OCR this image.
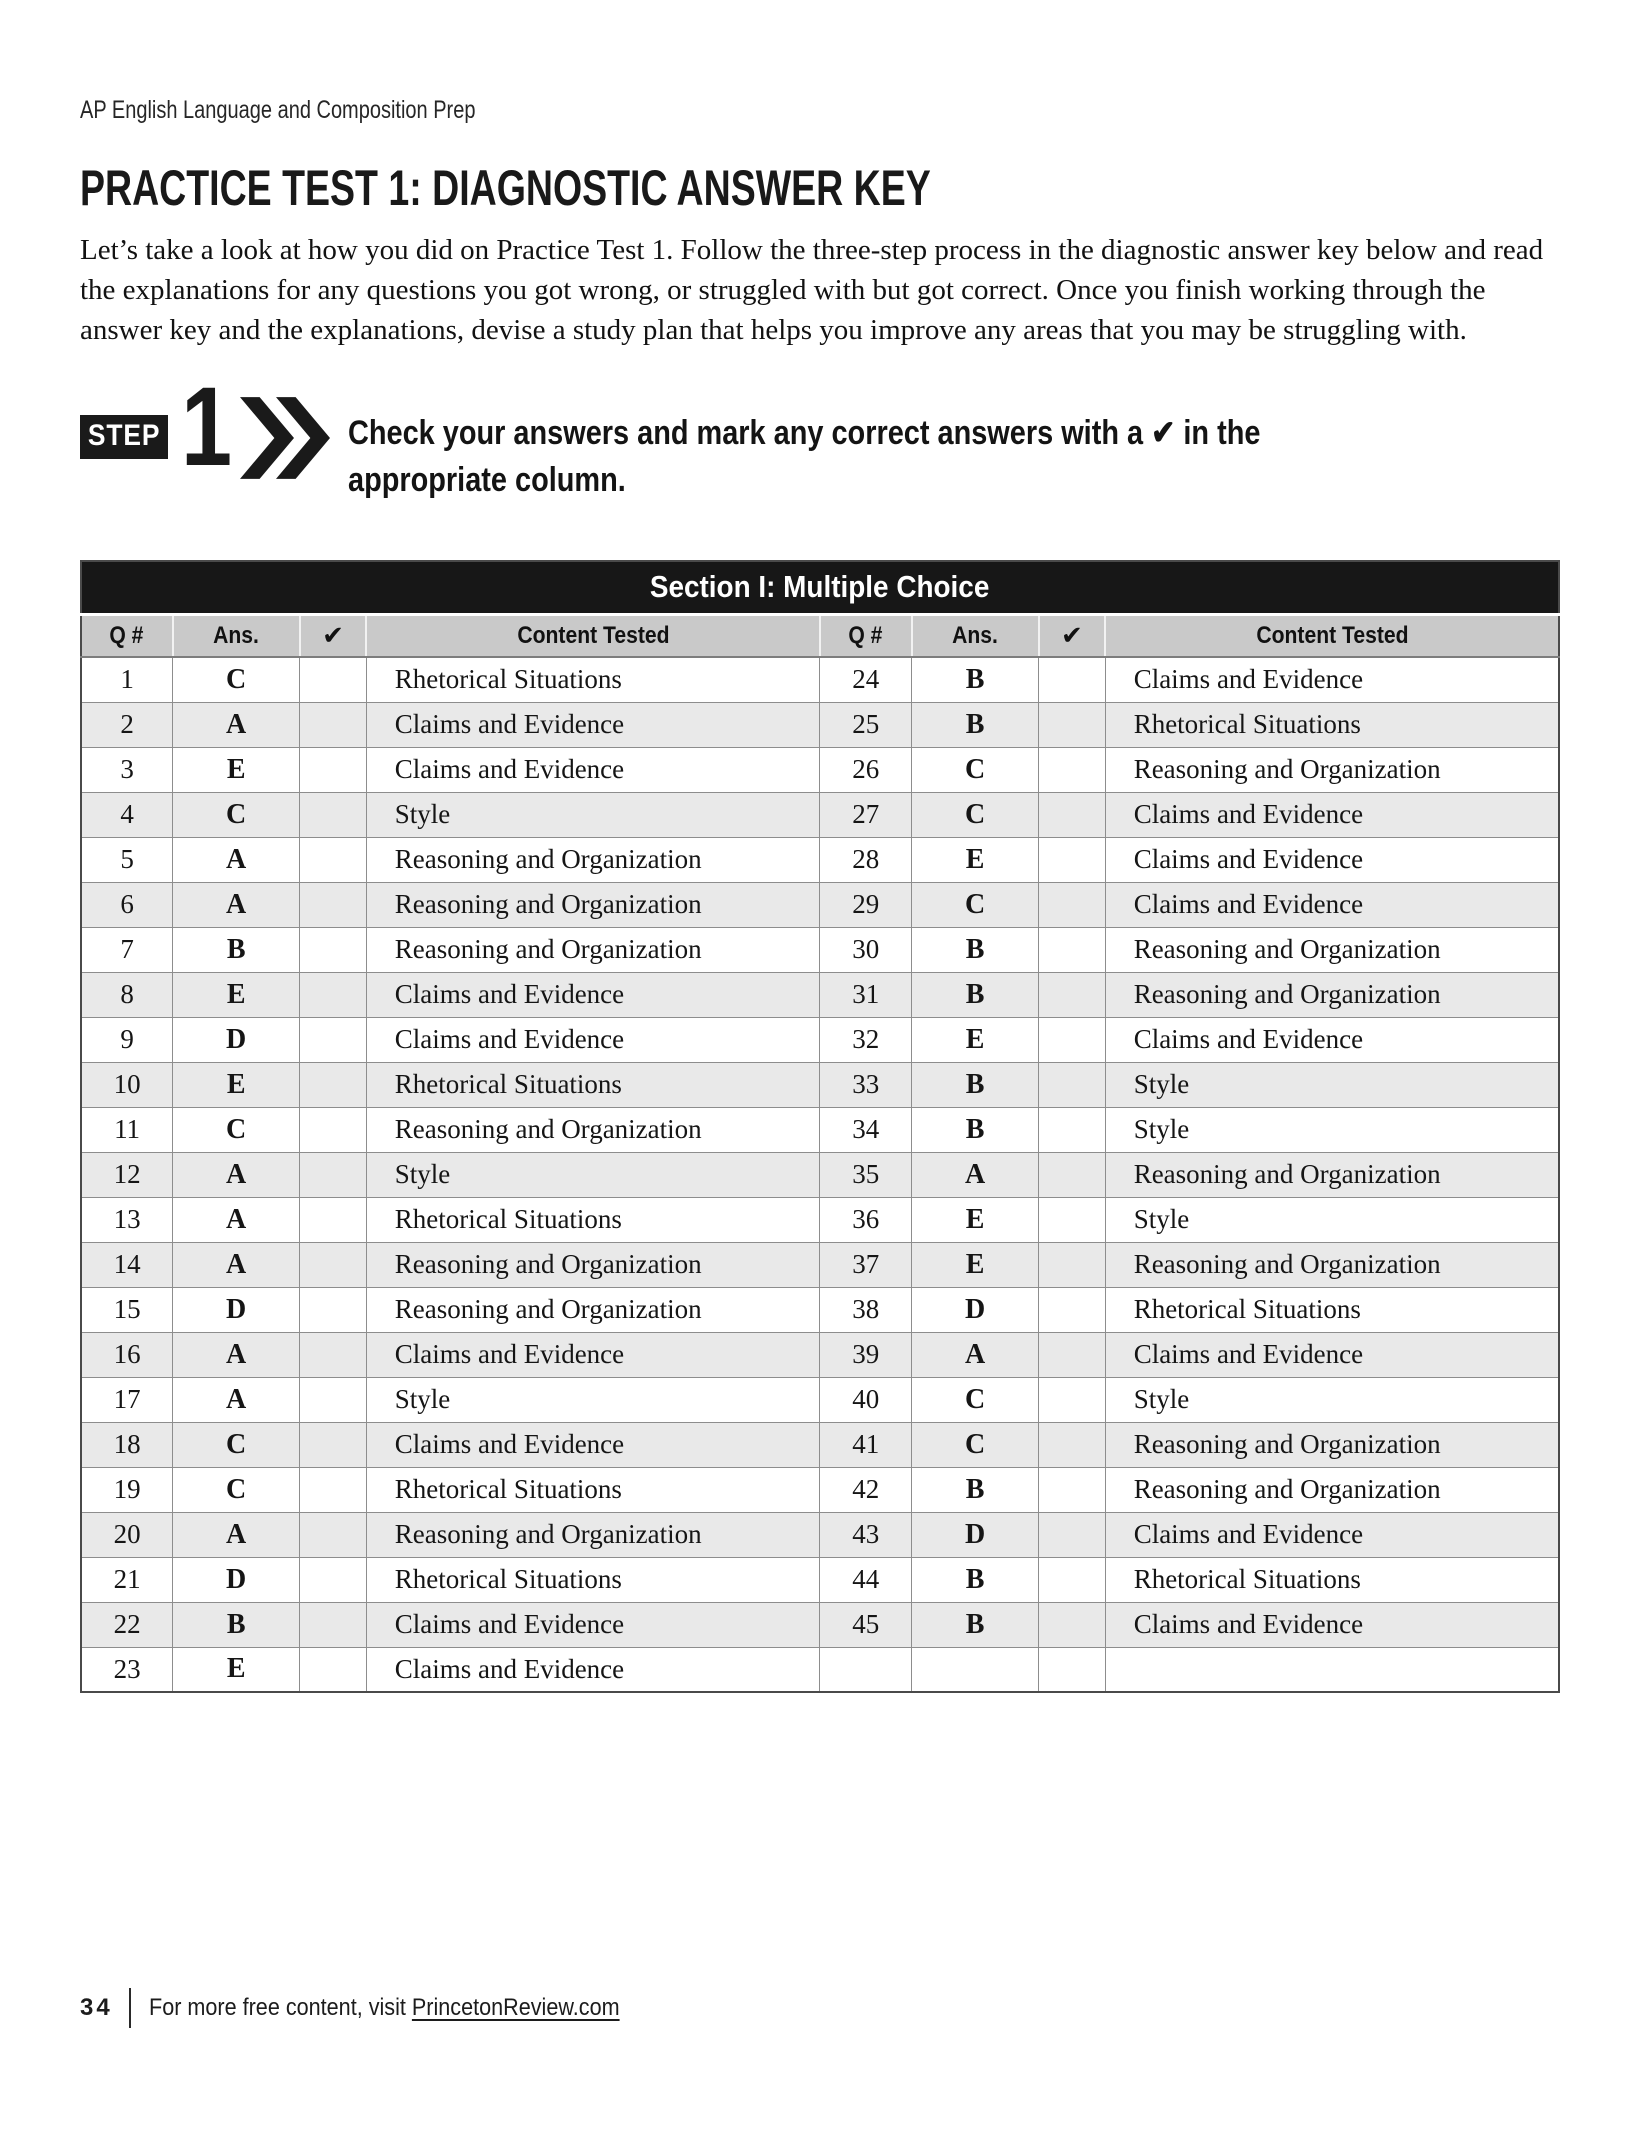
AP English Language and Composition Prep
PRACTICE TEST 1: DIAGNOSTIC ANSWER KEY

Let’s take a look at how you did on Practice Test 1. Follow the three-step process in the diagnostic answer key below and read the explanations for any questions you got wrong, or struggled with but got correct. Once you finish working through the answer key and the explanations, devise a study plan that helps you improve any areas that you may be struggling with.

STEP 1	Check your answers and mark any correct answers with a ✔ in the appropriate column.
Section I: Multiple Choice							
Q #	Ans.	✔	Content Tested	Q #	Ans.	✔	Content Tested
1	C		Rhetorical Situations	24	B		Claims and Evidence
2	A		Claims and Evidence	25	B		Rhetorical Situations
3	E		Claims and Evidence	26	C		Reasoning and Organization
4	C		Style	27	C		Claims and Evidence
5	A		Reasoning and Organization	28	E		Claims and Evidence
6	A		Reasoning and Organization	29	C		Claims and Evidence
7	B		Reasoning and Organization	30	B		Reasoning and Organization
8	E		Claims and Evidence	31	B		Reasoning and Organization
9	D		Claims and Evidence	32	E		Claims and Evidence
10	E		Rhetorical Situations	33	B		Style
11	C		Reasoning and Organization	34	B		Style
12	A		Style	35	A		Reasoning and Organization
13	A		Rhetorical Situations	36	E		Style
14	A		Reasoning and Organization	37	E		Reasoning and Organization
15	D		Reasoning and Organization	38	D		Rhetorical Situations
16	A		Claims and Evidence	39	A		Claims and Evidence
17	A		Style	40	C		Style
18	C		Claims and Evidence	41	C		Reasoning and Organization
19	C		Rhetorical Situations	42	B		Reasoning and Organization
20	A		Reasoning and Organization	43	D		Claims and Evidence
21	D		Rhetorical Situations	44	B		Rhetorical Situations
22	B		Claims and Evidence	45	B		Claims and Evidence
23	E		Claims and Evidence				
34 For more free content, visit PrincetonReview.com
